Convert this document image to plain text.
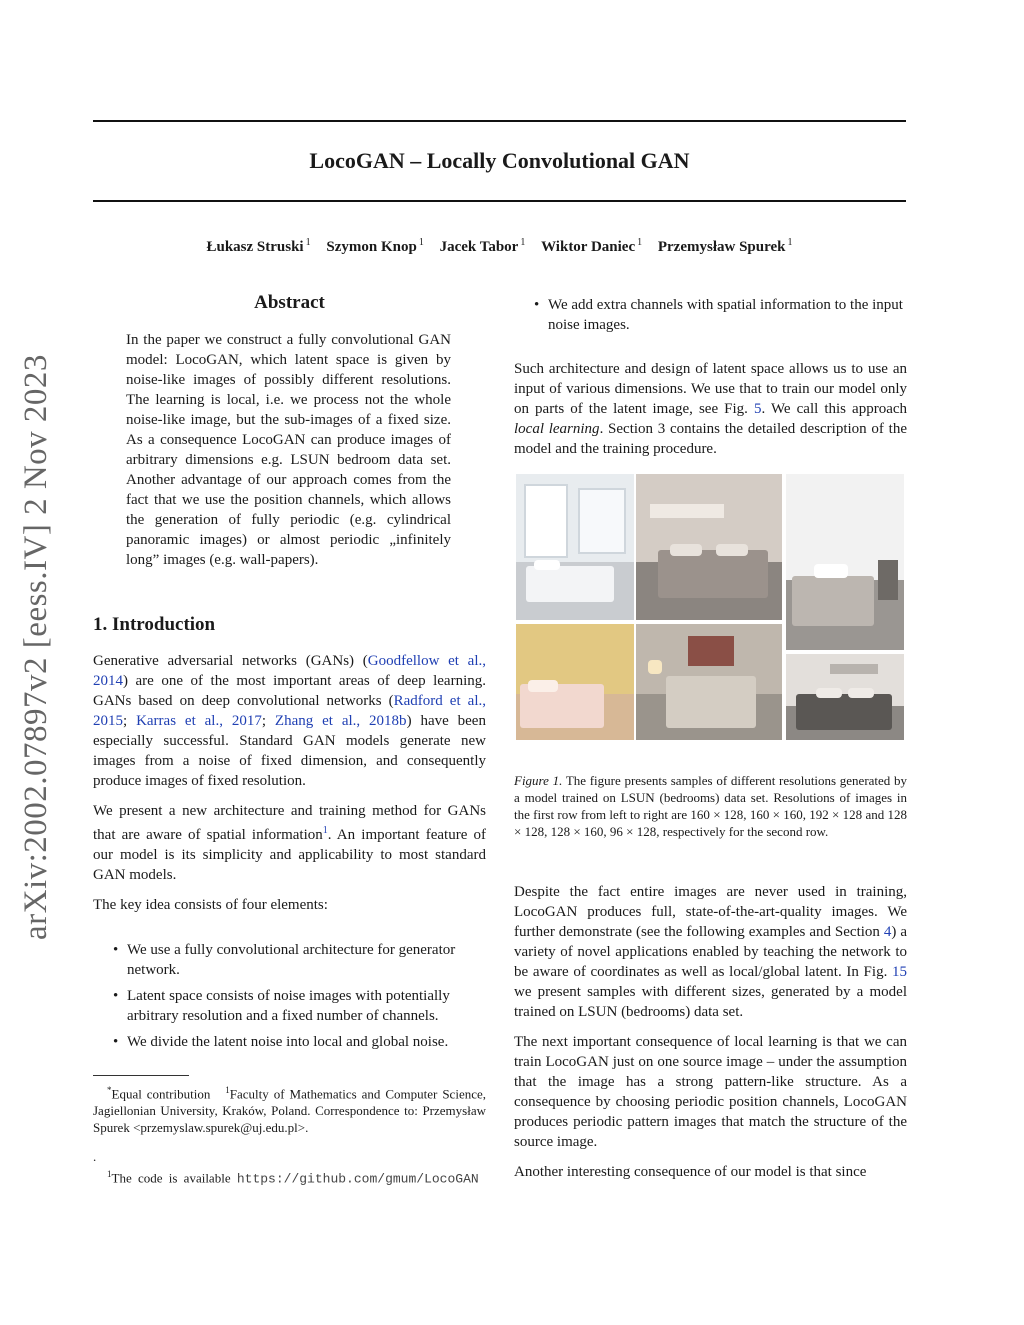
LocoGAN – Locally Convolutional GAN
Łukasz Struski $^1$ Szymon Knop $^1$ Jacek Tabor $^1$ Wiktor Daniec $^1$ Przemysław Spurek $^1$
arXiv:2002.07897v2 [eess.IV] 2 Nov 2023
Abstract

In the paper we construct a fully convolutional GAN model: LocoGAN, which latent space is given by noise-like images of possibly different resolutions. The learning is local, i.e. we process not the whole noise-like image, but the sub-images of a fixed size. As a consequence LocoGAN can produce images of arbitrary dimensions e.g. LSUN bedroom data set. Another advantage of our approach comes from the fact that we use the position channels, which allows the generation of fully periodic (e.g. cylindrical panoramic images) or almost periodic „infinitely long” images (e.g. wall-papers).

1. Introduction

Generative adversarial networks (GANs) (Goodfellow et al., 2014) are one of the most important areas of deep learning. GANs based on deep convolutional networks (Radford et al., 2015; Karras et al., 2017; Zhang et al., 2018b) have been especially successful. Standard GAN models generate new images from a noise of fixed dimension, and consequently produce images of fixed resolution.

We present a new architecture and training method for GANs that are aware of spatial information$^1$. An important feature of our model is its simplicity and applicability to most standard GAN models.

The key idea consists of four elements:

• We use a fully convolutional architecture for generator network.
• Latent space consists of noise images with potentially arbitrary resolution and a fixed number of channels.
• We divide the latent noise into local and global noise.
*Equal contribution $^1$Faculty of Mathematics and Computer Science, Jagiellonian University, Kraków, Poland. Correspondence to: Przemysław Spurek <przemyslaw.spurek@uj.edu.pl>.
.
$^1$The code is available https://github.com/gmum/LocoGAN
• We add extra channels with spatial information to the input noise images.

Such architecture and design of latent space allows us to use an input of various dimensions. We use that to train our model only on parts of the latent image, see Fig. 5. We call this approach local learning. Section 3 contains the detailed description of the model and the training procedure.

Figure 1. The figure presents samples of different resolutions generated by a model trained on LSUN (bedrooms) data set. Resolutions of images in the first row from left to right are 160 × 128, 160 × 160, 192 × 128 and 128 × 128, 128 × 160, 96 × 128, respectively for the second row.

Despite the fact entire images are never used in training, LocoGAN produces full, state-of-the-art-quality images. We further demonstrate (see the following examples and Section 4) a variety of novel applications enabled by teaching the network to be aware of coordinates as well as local/global latent. In Fig. 15 we present samples with different sizes, generated by a model trained on LSUN (bedrooms) data set.

The next important consequence of local learning is that we can train LocoGAN just on one source image – under the assumption that the image has a strong pattern-like structure. As a consequence by choosing periodic position channels, LocoGAN produces periodic pattern images that match the structure of the source image.

Another interesting consequence of our model is that since
